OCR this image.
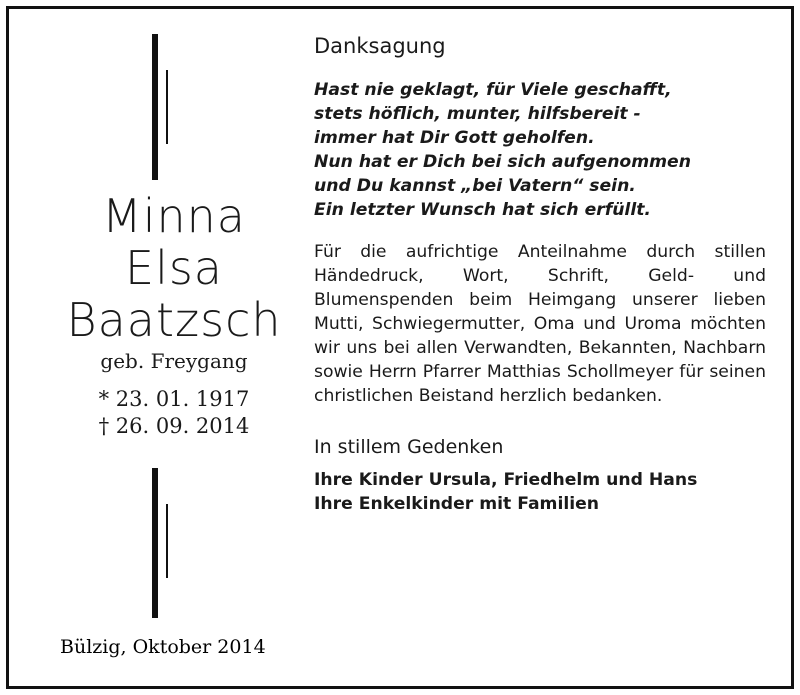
Minna
Elsa
Baatzsch
geb. Freygang
* 23. 01. 1917
† 26. 09. 2014
Bülzig, Oktober 2014
Danksagung
Hast nie geklagt, für Viele geschafft,
stets höflich, munter, hilfsbereit -
immer hat Dir Gott geholfen.
Nun hat er Dich bei sich aufgenommen
und Du kannst „bei Vatern“ sein.
Ein letzter Wunsch hat sich erfüllt.
Für die aufrichtige Anteilnahme durch stillen Händedruck, Wort, Schrift, Geld- und Blumenspenden beim Heimgang unserer lieben Mutti, Schwiegermutter, Oma und Uroma möchten wir uns bei allen Verwandten, Bekannten, Nachbarn sowie Herrn Pfarrer Matthias Schollmeyer für seinen christlichen Beistand herzlich bedanken.
In stillem Gedenken
Ihre Kinder Ursula, Friedhelm und Hans
Ihre Enkelkinder mit Familien
